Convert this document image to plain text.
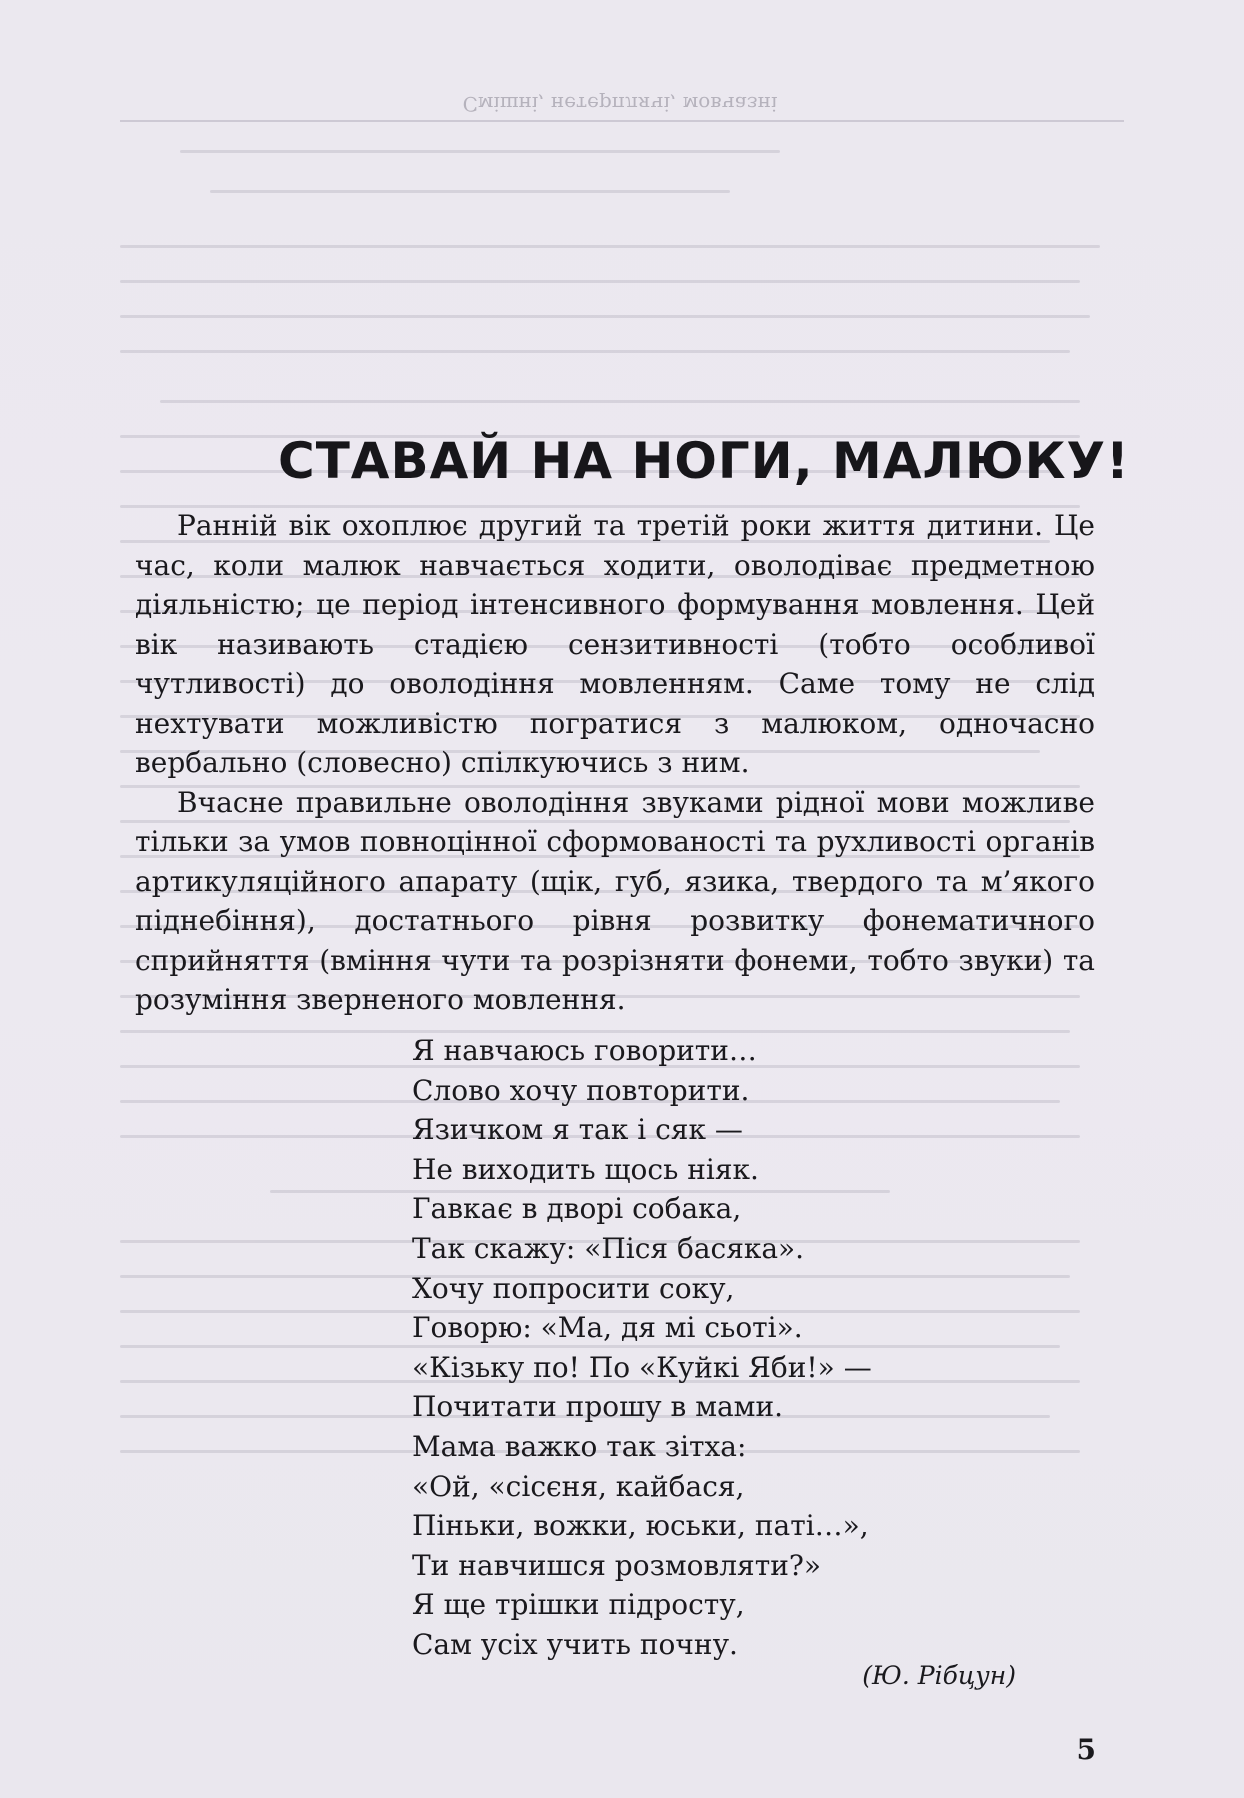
Смішні, нетерплячі, мовчазні
СТАВАЙ НА НОГИ, МАЛЮКУ!

Ранній вік охоплює другий та третій роки життя дитини. Це час, коли малюк навчається ходити, оволодіває предметною діяльністю; це період інтенсивного формування мовлення. Цей вік називають стадією сензитивності (тобто особливої чутливості) до оволодіння мовленням. Саме тому не слід нехтувати можливістю погратися з малюком, одночасно вербально (словесно) спілкуючись з ним.

Вчасне правильне оволодіння звуками рідної мови можливе тільки за умов повноцінної сформованості та рухливості органів артикуляційного апарату (щік, губ, язика, твердого та м’якого піднебіння), достатнього рівня розвитку фонематичного сприйняття (вміння чути та розрізняти фонеми, тобто звуки) та розуміння зверненого мовлення.

Я навчаюсь говорити…
Слово хочу повторити.
Язичком я так і сяк —
Не виходить щось ніяк.
Гавкає в дворі собака,
Так скажу: «Піся басяка».
Хочу попросити соку,
Говорю: «Ма, дя мі сьоті».
«Кізьку по! По «Куйкі Яби!» —
Почитати прошу в мами.
Мама важко так зітха:
«Ой, «сісєня, кайбася,
Піньки, вожки, юськи, паті…»,
Ти навчишся розмовляти?»
Я ще трішки підросту,
Сам усіх учить почну.
(Ю. Рібцун)
5
